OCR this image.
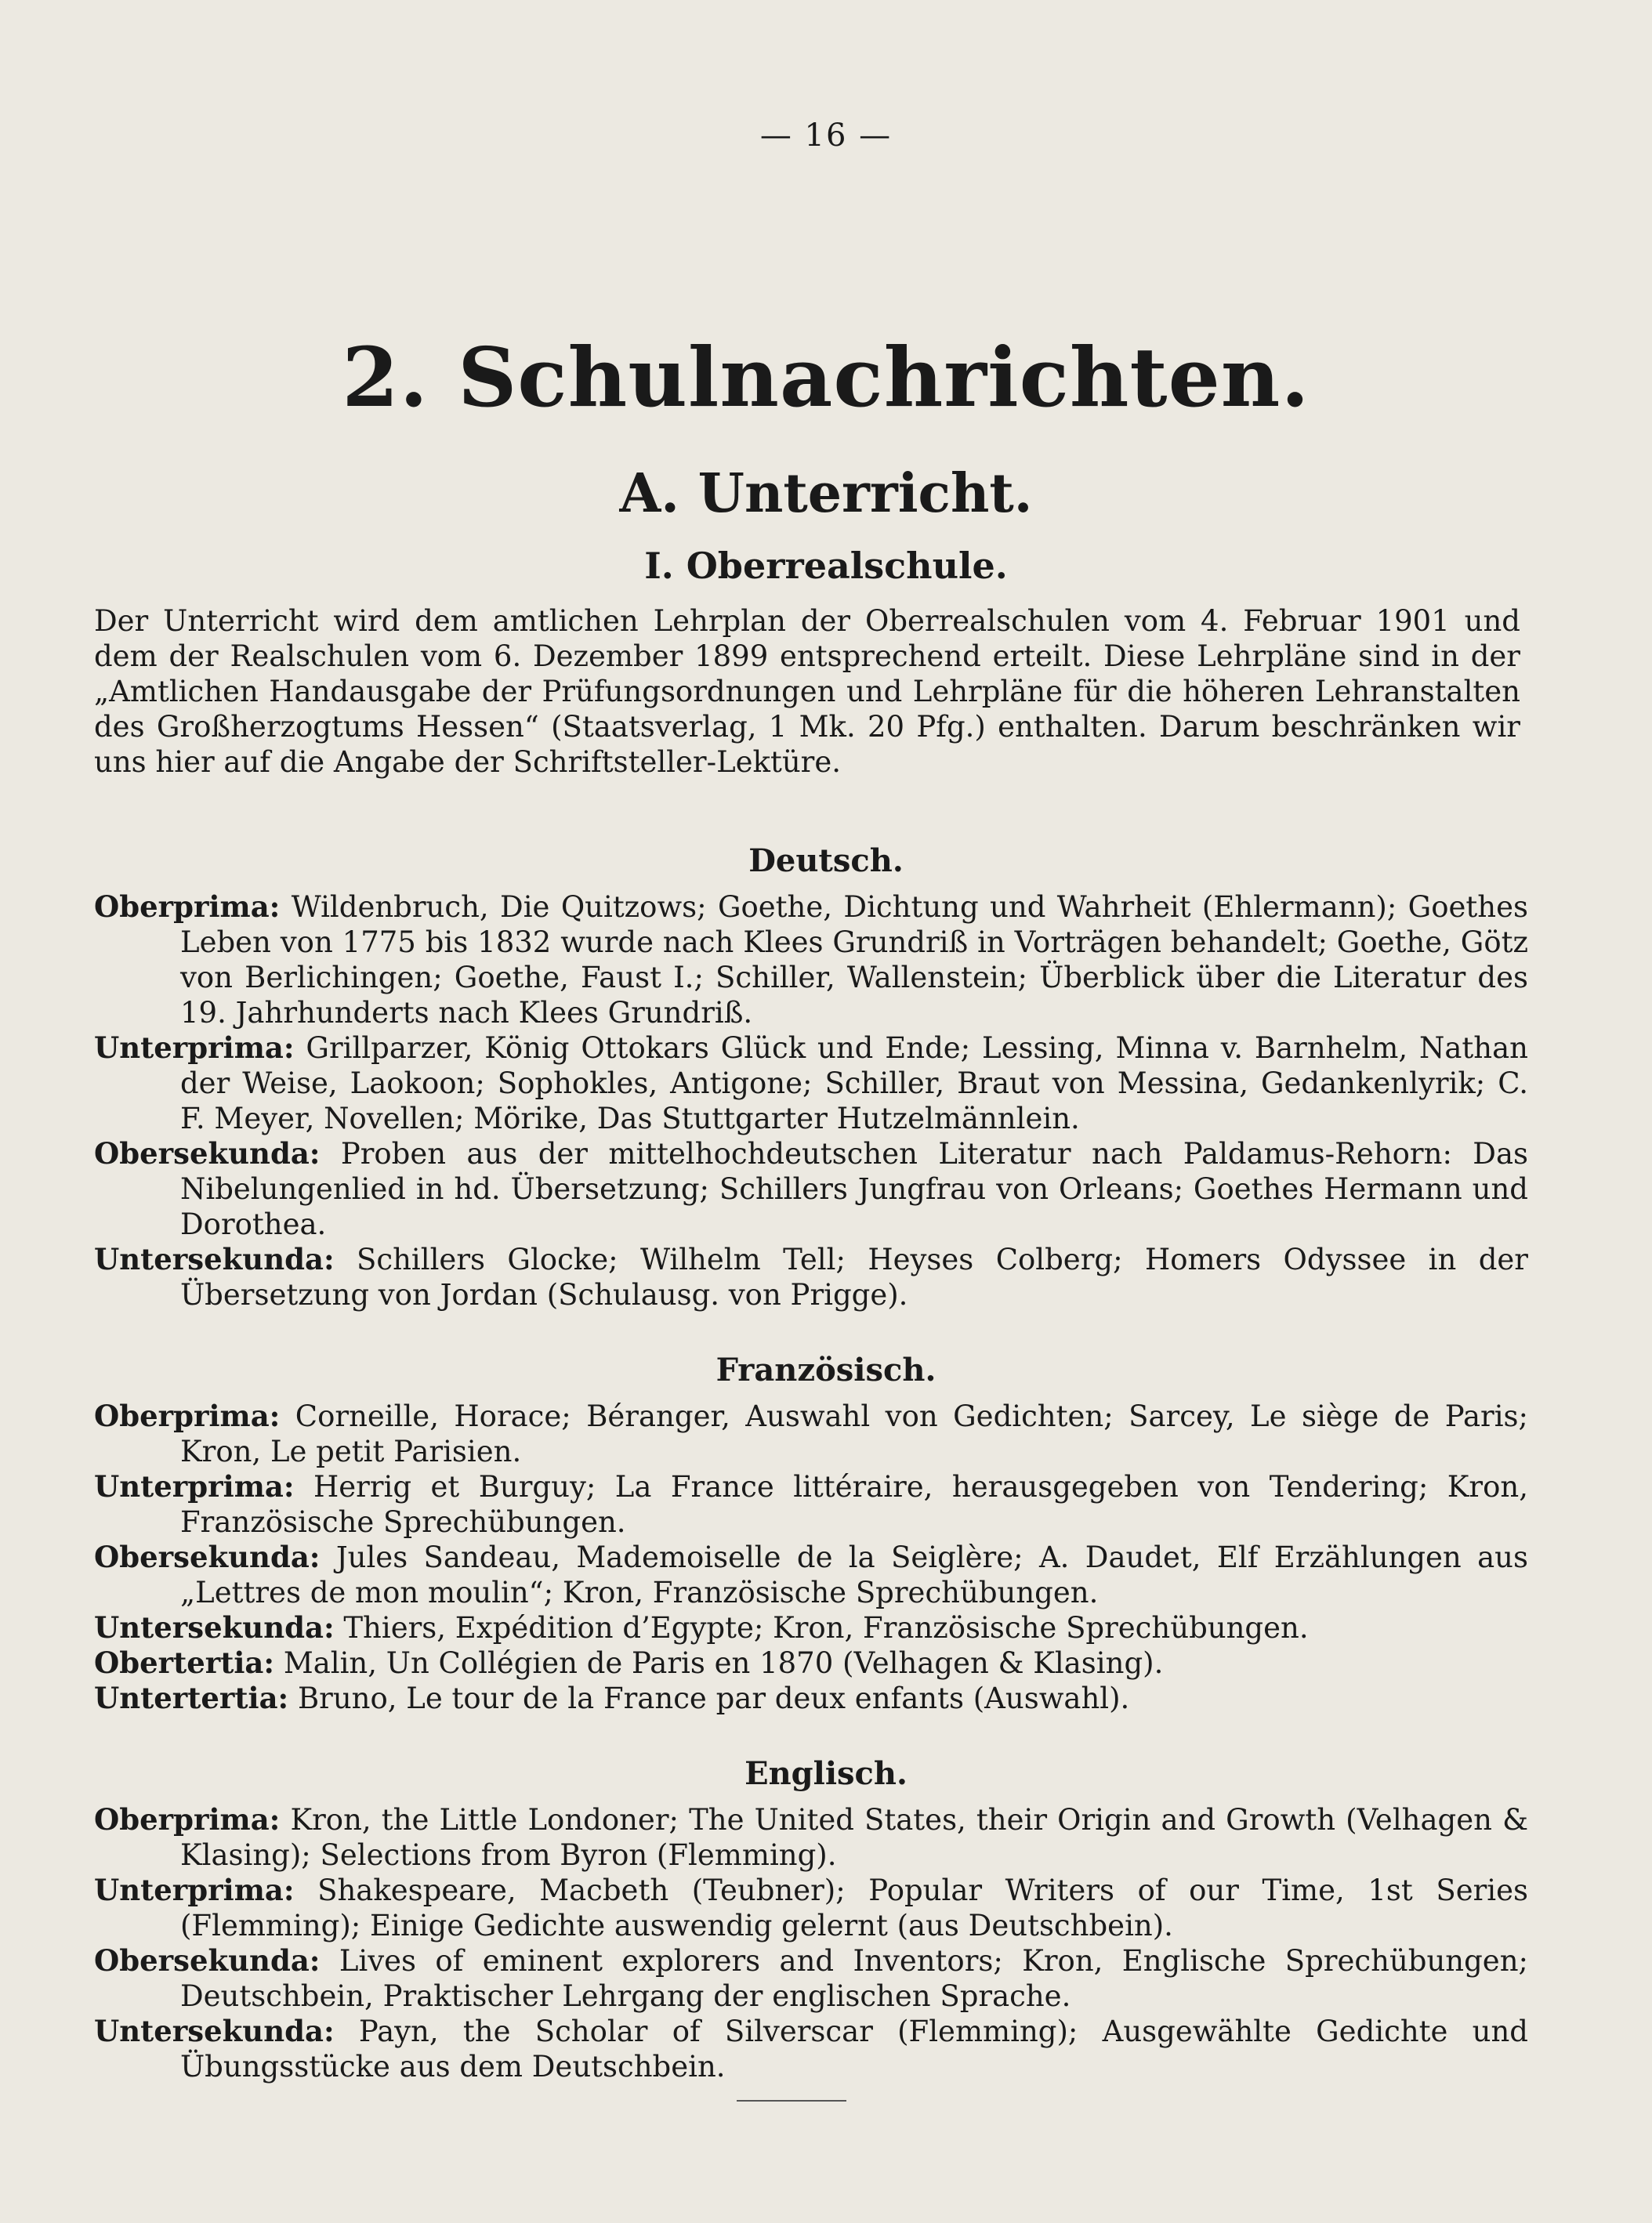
— 16 —
2. Schulnachrichten.
A. Unterricht.
I. Oberrealschule.

Der Unterricht wird dem amtlichen Lehrplan der Oberrealschulen vom 4. Februar 1901 und dem der Realschulen vom 6. Dezember 1899 entsprechend erteilt. Diese Lehrpläne sind in der „Amtlichen Handausgabe der Prüfungsordnungen und Lehrpläne für die höheren Lehranstalten des Großherzogtums Hessen“ (Staatsverlag, 1 Mk. 20 Pfg.) enthalten. Darum beschränken wir uns hier auf die Angabe der Schriftsteller-Lektüre.

Deutsch.

Oberprima: Wildenbruch, Die Quitzows; Goethe, Dichtung und Wahrheit (Ehlermann); Goethes Leben von 1775 bis 1832 wurde nach Klees Grundriß in Vorträgen behandelt; Goethe, Götz von Berlichingen; Goethe, Faust I.; Schiller, Wallenstein; Überblick über die Literatur des 19. Jahrhunderts nach Klees Grundriß.

Unterprima: Grillparzer, König Ottokars Glück und Ende; Lessing, Minna v. Barnhelm, Nathan der Weise, Laokoon; Sophokles, Antigone; Schiller, Braut von Messina, Gedankenlyrik; C. F. Meyer, Novellen; Mörike, Das Stuttgarter Hutzelmännlein.

Obersekunda: Proben aus der mittelhochdeutschen Literatur nach Paldamus-Rehorn: Das Nibelungenlied in hd. Übersetzung; Schillers Jungfrau von Orleans; Goethes Hermann und Dorothea.

Untersekunda: Schillers Glocke; Wilhelm Tell; Heyses Colberg; Homers Odyssee in der Übersetzung von Jordan (Schulausg. von Prigge).

Französisch.

Oberprima: Corneille, Horace; Béranger, Auswahl von Gedichten; Sarcey, Le siège de Paris; Kron, Le petit Parisien.

Unterprima: Herrig et Burguy; La France littéraire, herausgegeben von Tendering; Kron, Französische Sprechübungen.

Obersekunda: Jules Sandeau, Mademoiselle de la Seiglère; A. Daudet, Elf Erzählungen aus „Lettres de mon moulin“; Kron, Französische Sprechübungen.

Untersekunda: Thiers, Expédition d’Egypte; Kron, Französische Sprechübungen.

Obertertia: Malin, Un Collégien de Paris en 1870 (Velhagen & Klasing).

Untertertia: Bruno, Le tour de la France par deux enfants (Auswahl).

Englisch.

Oberprima: Kron, the Little Londoner; The United States, their Origin and Growth (Velhagen & Klasing); Selections from Byron (Flemming).

Unterprima: Shakespeare, Macbeth (Teubner); Popular Writers of our Time, 1st Series (Flemming); Einige Gedichte auswendig gelernt (aus Deutschbein).

Obersekunda: Lives of eminent explorers and Inventors; Kron, Englische Sprechübungen; Deutschbein, Praktischer Lehrgang der englischen Sprache.

Untersekunda: Payn, the Scholar of Silverscar (Flemming); Ausgewählte Gedichte und Übungsstücke aus dem Deutschbein.
